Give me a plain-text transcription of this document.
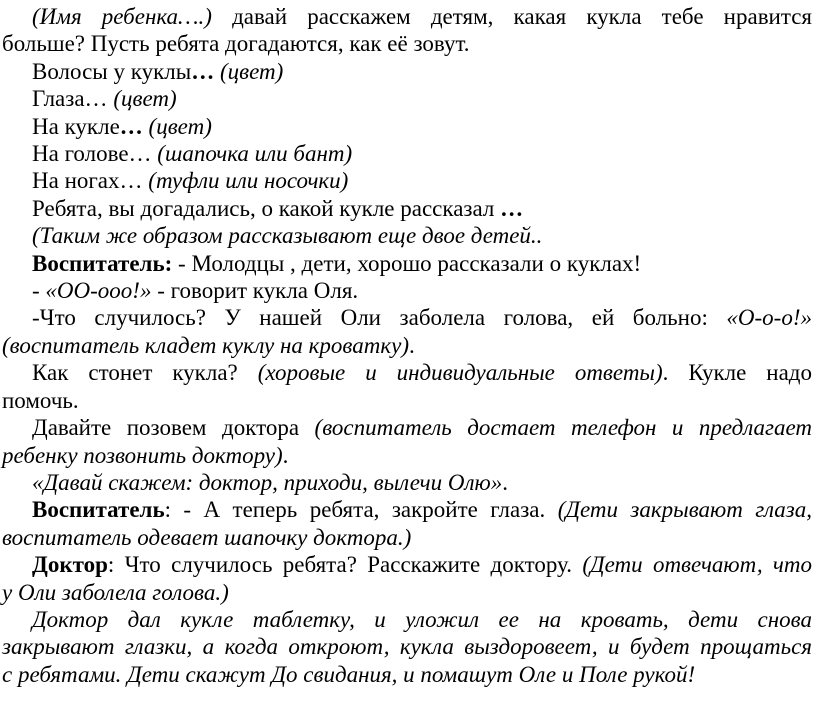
(Имя ребенка….) давай расскажем детям, какая кукла тебе нравится
больше? Пусть ребята догадаются, как её зовут.
Волосы у куклы… (цвет)
Глаза… (цвет)
На кукле… (цвет)
На голове… (шапочка или бант)
На ногах… (туфли или носочки)
Ребята, вы догадались, о какой кукле рассказал …
(Таким же образом рассказывают еще двое детей..
Воспитатель: - Молодцы , дети, хорошо рассказали о куклах!
- «ОО-ооо!» - говорит кукла Оля.
-Что случилось? У нашей Оли заболела голова, ей больно: «О-о-о!»
(воспитатель кладет куклу на кроватку).
Как стонет кукла? (хоровые и индивидуальные ответы). Кукле надо
помочь.
Давайте позовем доктора (воспитатель достает телефон и предлагает
ребенку позвонить доктору).
«Давай скажем: доктор, приходи, вылечи Олю».
Воспитатель: - А теперь ребята, закройте глаза. (Дети закрывают глаза,
воспитатель одевает шапочку доктора.)
Доктор: Что случилось ребята? Расскажите доктору. (Дети отвечают, что
у Оли заболела голова.)
Доктор дал кукле таблетку, и уложил ее на кровать, дети снова
закрывают глазки, а когда откроют, кукла выздоровеет, и будет прощаться
с ребятами. Дети скажут До свидания, и помашут Оле и Поле рукой!
